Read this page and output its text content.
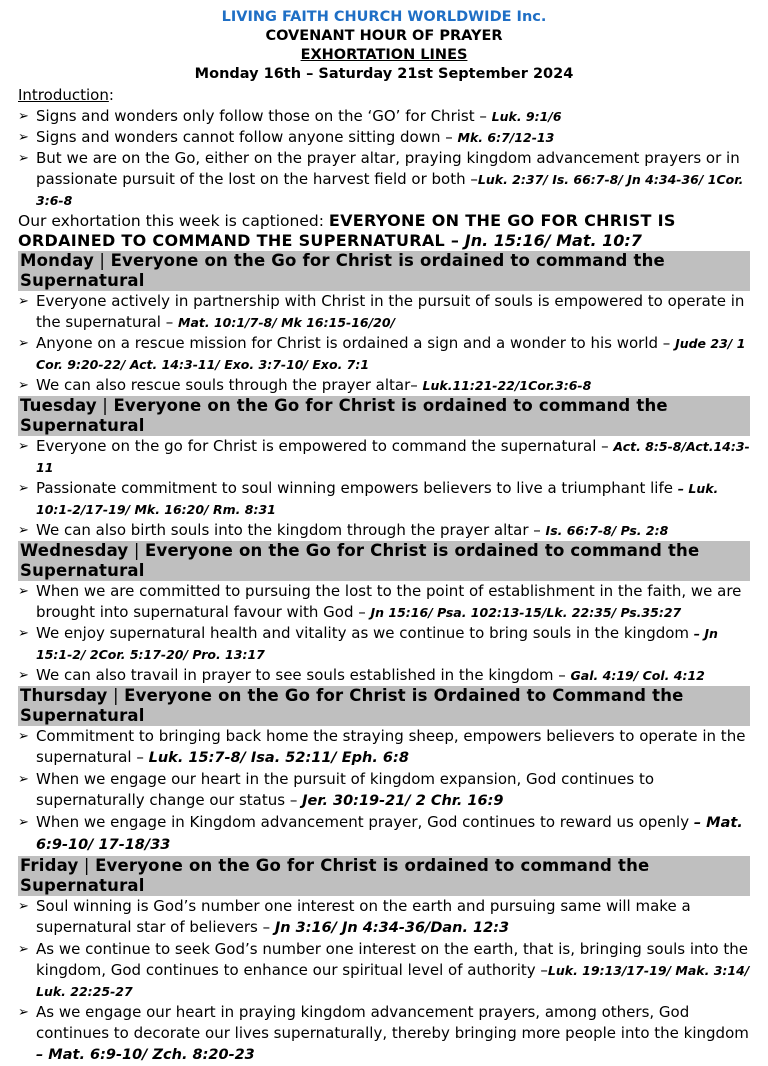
LIVING FAITH CHURCH WORLDWIDE Inc.
COVENANT HOUR OF PRAYER
EXHORTATION LINES
Monday 16th – Saturday 21st September 2024
Introduction:
➢ Signs and wonders only follow those on the ‘GO’ for Christ – Luk. 9:1/6
➢ Signs and wonders cannot follow anyone sitting down – Mk. 6:7/12-13
➢ But we are on the Go, either on the prayer altar, praying kingdom advancement prayers or in passionate pursuit of the lost on the harvest field or both –Luk. 2:37/ Is. 66:7-8/ Jn 4:34-36/ 1Cor. 3:6-8
Our exhortation this week is captioned: EVERYONE ON THE GO FOR CHRIST IS ORDAINED TO COMMAND THE SUPERNATURAL – Jn. 15:16/ Mat. 10:7
Monday | Everyone on the Go for Christ is ordained to command the Supernatural
➢ Everyone actively in partnership with Christ in the pursuit of souls is empowered to operate in the supernatural – Mat. 10:1/7-8/ Mk 16:15-16/20/
➢ Anyone on a rescue mission for Christ is ordained a sign and a wonder to his world – Jude 23/ 1 Cor. 9:20-22/ Act. 14:3-11/ Exo. 3:7-10/ Exo. 7:1
➢ We can also rescue souls through the prayer altar– Luk.11:21-22/1Cor.3:6-8
Tuesday | Everyone on the Go for Christ is ordained to command the Supernatural
➢ Everyone on the go for Christ is empowered to command the supernatural – Act. 8:5-8/Act.14:3-11
➢ Passionate commitment to soul winning empowers believers to live a triumphant life – Luk. 10:1-2/17-19/ Mk. 16:20/ Rm. 8:31
➢ We can also birth souls into the kingdom through the prayer altar – Is. 66:7-8/ Ps. 2:8
Wednesday | Everyone on the Go for Christ is ordained to command the Supernatural
➢ When we are committed to pursuing the lost to the point of establishment in the faith, we are brought into supernatural favour with God – Jn 15:16/ Psa. 102:13-15/Lk. 22:35/ Ps.35:27
➢ We enjoy supernatural health and vitality as we continue to bring souls in the kingdom – Jn 15:1-2/ 2Cor. 5:17-20/ Pro. 13:17
➢ We can also travail in prayer to see souls established in the kingdom – Gal. 4:19/ Col. 4:12
Thursday | Everyone on the Go for Christ is Ordained to Command the Supernatural
➢ Commitment to bringing back home the straying sheep, empowers believers to operate in the supernatural – Luk. 15:7-8/ Isa. 52:11/ Eph. 6:8
➢ When we engage our heart in the pursuit of kingdom expansion, God continues to supernaturally change our status – Jer. 30:19-21/ 2 Chr. 16:9
➢ When we engage in Kingdom advancement prayer, God continues to reward us openly – Mat. 6:9-10/ 17-18/33
Friday | Everyone on the Go for Christ is ordained to command the Supernatural
➢ Soul winning is God’s number one interest on the earth and pursuing same will make a supernatural star of believers – Jn 3:16/ Jn 4:34-36/Dan. 12:3
➢ As we continue to seek God’s number one interest on the earth, that is, bringing souls into the kingdom, God continues to enhance our spiritual level of authority –Luk. 19:13/17-19/ Mak. 3:14/ Luk. 22:25-27
➢ As we engage our heart in praying kingdom advancement prayers, among others, God continues to decorate our lives supernaturally, thereby bringing more people into the kingdom – Mat. 6:9-10/ Zch. 8:20-23
